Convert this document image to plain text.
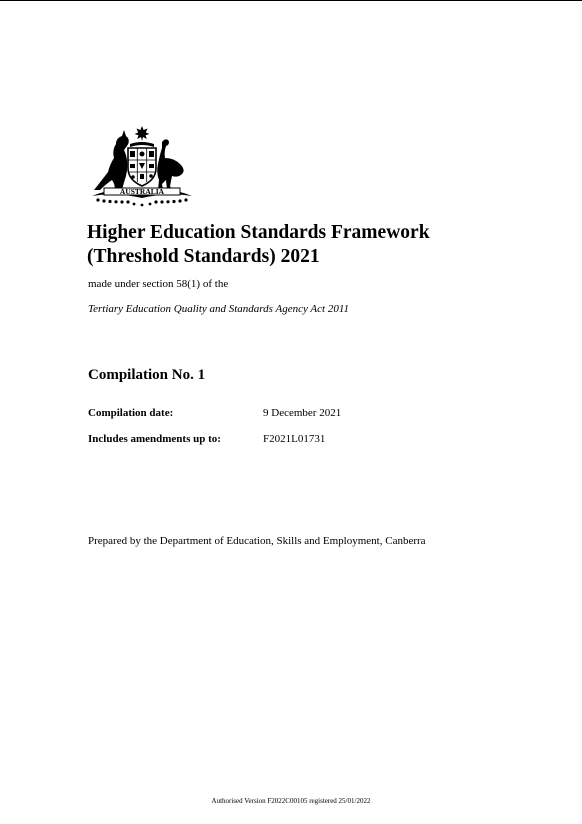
AUSTRALIA
Higher Education Standards Framework
(Threshold Standards) 2021
made under section 58(1) of the
Tertiary Education Quality and Standards Agency Act 2011
Compilation No. 1
Compilation date:	9 December 2021
Includes amendments up to:	F2021L01731
Prepared by the Department of Education, Skills and Employment, Canberra
Authorised Version F2022C00105 registered 25/01/2022
